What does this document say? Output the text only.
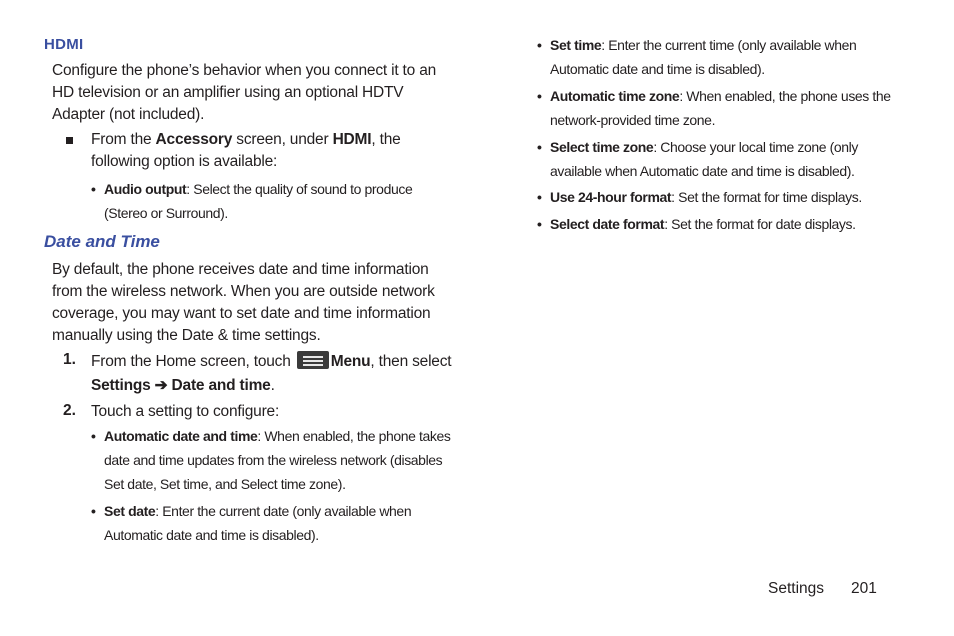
HDMI

Configure the phone’s behavior when you connect it to an HD television or an amplifier using an optional HDTV Adapter (not included).

From the Accessory screen, under HDMI, the following option is available:

• Audio output: Select the quality of sound to produce (Stereo or Surround).

Date and Time

By default, the phone receives date and time information from the wireless network. When you are outside network coverage, you may want to set date and time information manually using the Date & time settings.

1. From the Home screen, touch
Menu, then select
Settings ➔ Date and time.

2. Touch a setting to configure:

• Automatic date and time: When enabled, the phone takes date and time updates from the wireless network (disables Set date, Set time, and Select time zone).

• Set date: Enter the current date (only available when Automatic date and time is disabled).

• Set time: Enter the current time (only available when Automatic date and time is disabled).

• Automatic time zone: When enabled, the phone uses the network-provided time zone.

• Select time zone: Choose your local time zone (only available when Automatic date and time is disabled).

• Use 24-hour format: Set the format for time displays.

• Select date format: Set the format for date displays.

Settings 201
